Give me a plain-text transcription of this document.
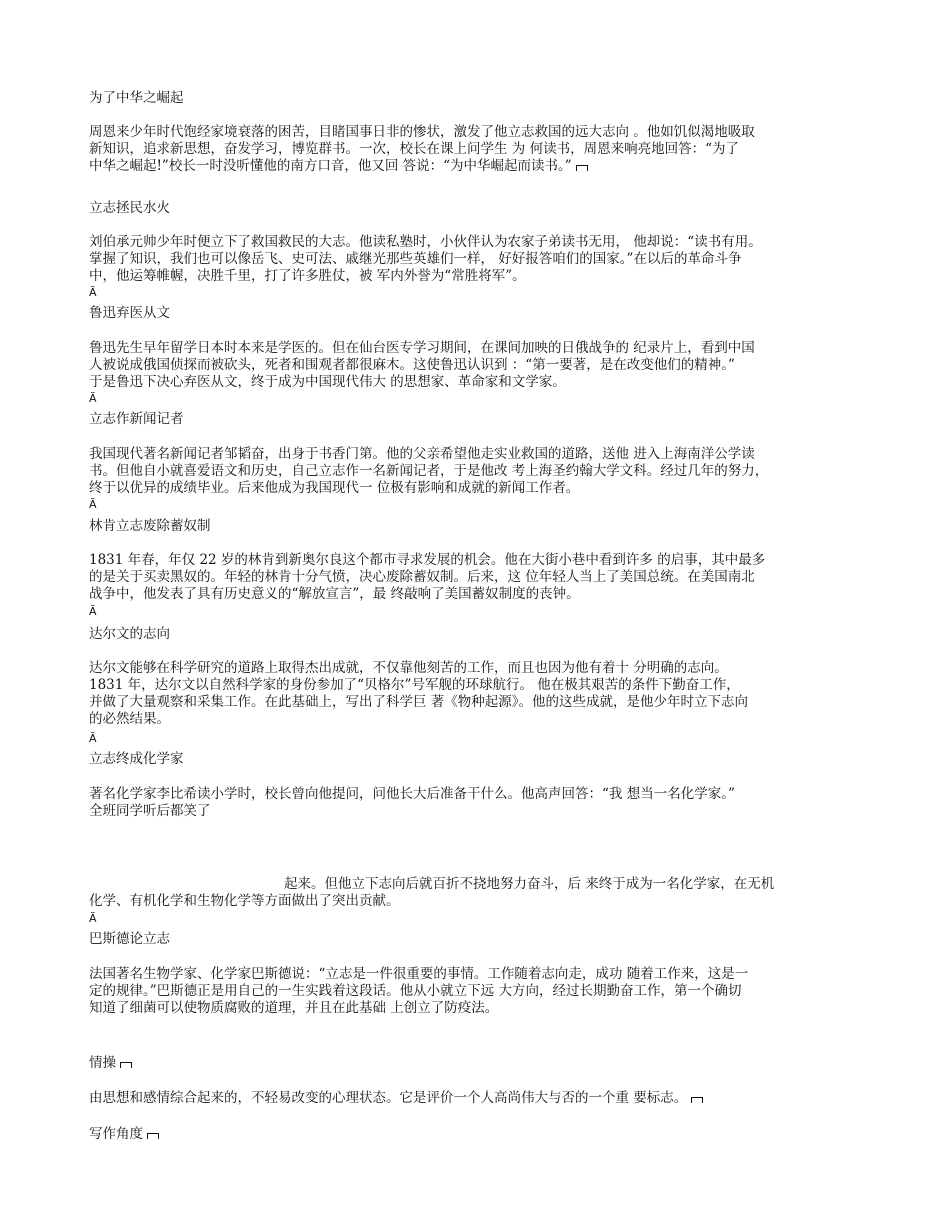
为了中华之崛起
周恩来少年时代饱经家境衰落的困苦，目睹国事日非的惨状，激发了他立志救国的远大志向 。他如饥似渴地吸取
新知识，追求新思想，奋发学习，博览群书。一次，校长在课上问学生 为 何读书，周恩来响亮地回答：“为了
中华之崛起!”校长一时没听懂他的南方口音，他又回 答说：“为中华崛起而读书。”
立志拯民水火
刘伯承元帅少年时便立下了救国救民的大志。他读私塾时，小伙伴认为农家子弟读书无用， 他却说：“读书有用。
掌握了知识，我们也可以像岳飞、史可法、戚继光那些英雄们一样， 好好报答咱们的国家。”在以后的革命斗争
中，他运筹帷幄，决胜千里，打了许多胜仗，被 军内外誉为“常胜将军”。
Ã
鲁迅弃医从文
鲁迅先生早年留学日本时本来是学医的。但在仙台医专学习期间，在课间加映的日俄战争的 纪录片上，看到中国
人被说成俄国侦探而被砍头，死者和围观者都很麻木。这使鲁迅认识到 ：“第一要著，是在改变他们的精神。”
于是鲁迅下决心弃医从文，终于成为中国现代伟大 的思想家、革命家和文学家。
Ã
立志作新闻记者
我国现代著名新闻记者邹韬奋，出身于书香门第。他的父亲希望他走实业救国的道路，送他 进入上海南洋公学读
书。但他自小就喜爱语文和历史，自己立志作一名新闻记者，于是他改 考上海圣约翰大学文科。经过几年的努力，
终于以优异的成绩毕业。后来他成为我国现代一 位极有影响和成就的新闻工作者。
Ã
林肯立志废除蓄奴制
1831 年春，年仅 22 岁的林肯到新奥尔良这个都市寻求发展的机会。他在大街小巷中看到许多 的启事，其中最多
的是关于买卖黑奴的。年轻的林肯十分气愤，决心废除蓄奴制。后来，这 位年轻人当上了美国总统。在美国南北
战争中，他发表了具有历史意义的“解放宣言”，最 终敲响了美国蓄奴制度的丧钟。
Ã
达尔文的志向
达尔文能够在科学研究的道路上取得杰出成就，不仅靠他刻苦的工作，而且也因为他有着十 分明确的志向。
1831 年，达尔文以自然科学家的身份参加了“贝格尔”号军舰的环球航行。 他在极其艰苦的条件下勤奋工作，
并做了大量观察和采集工作。在此基础上，写出了科学巨 著《物种起源》。他的这些成就，是他少年时立下志向
的必然结果。
Ã
立志终成化学家
著名化学家李比希读小学时，校长曾向他提问，问他长大后准备干什么。他高声回答：“我 想当一名化学家。”
全班同学听后都笑了
起来。但他立下志向后就百折不挠地努力奋斗，后 来终于成为一名化学家，在无机
化学、有机化学和生物化学等方面做出了突出贡献。
Ã
巴斯德论立志
法国著名生物学家、化学家巴斯德说：“立志是一件很重要的事情。工作随着志向走，成功 随着工作来，这是一
定的规律。”巴斯德正是用自己的一生实践着这段话。他从小就立下远 大方向，经过长期勤奋工作，第一个确切
知道了细菌可以使物质腐败的道理，并且在此基础 上创立了防疫法。
情操
由思想和感情综合起来的，不轻易改变的心理状态。它是评价一个人高尚伟大与否的一个重 要标志。
写作角度
